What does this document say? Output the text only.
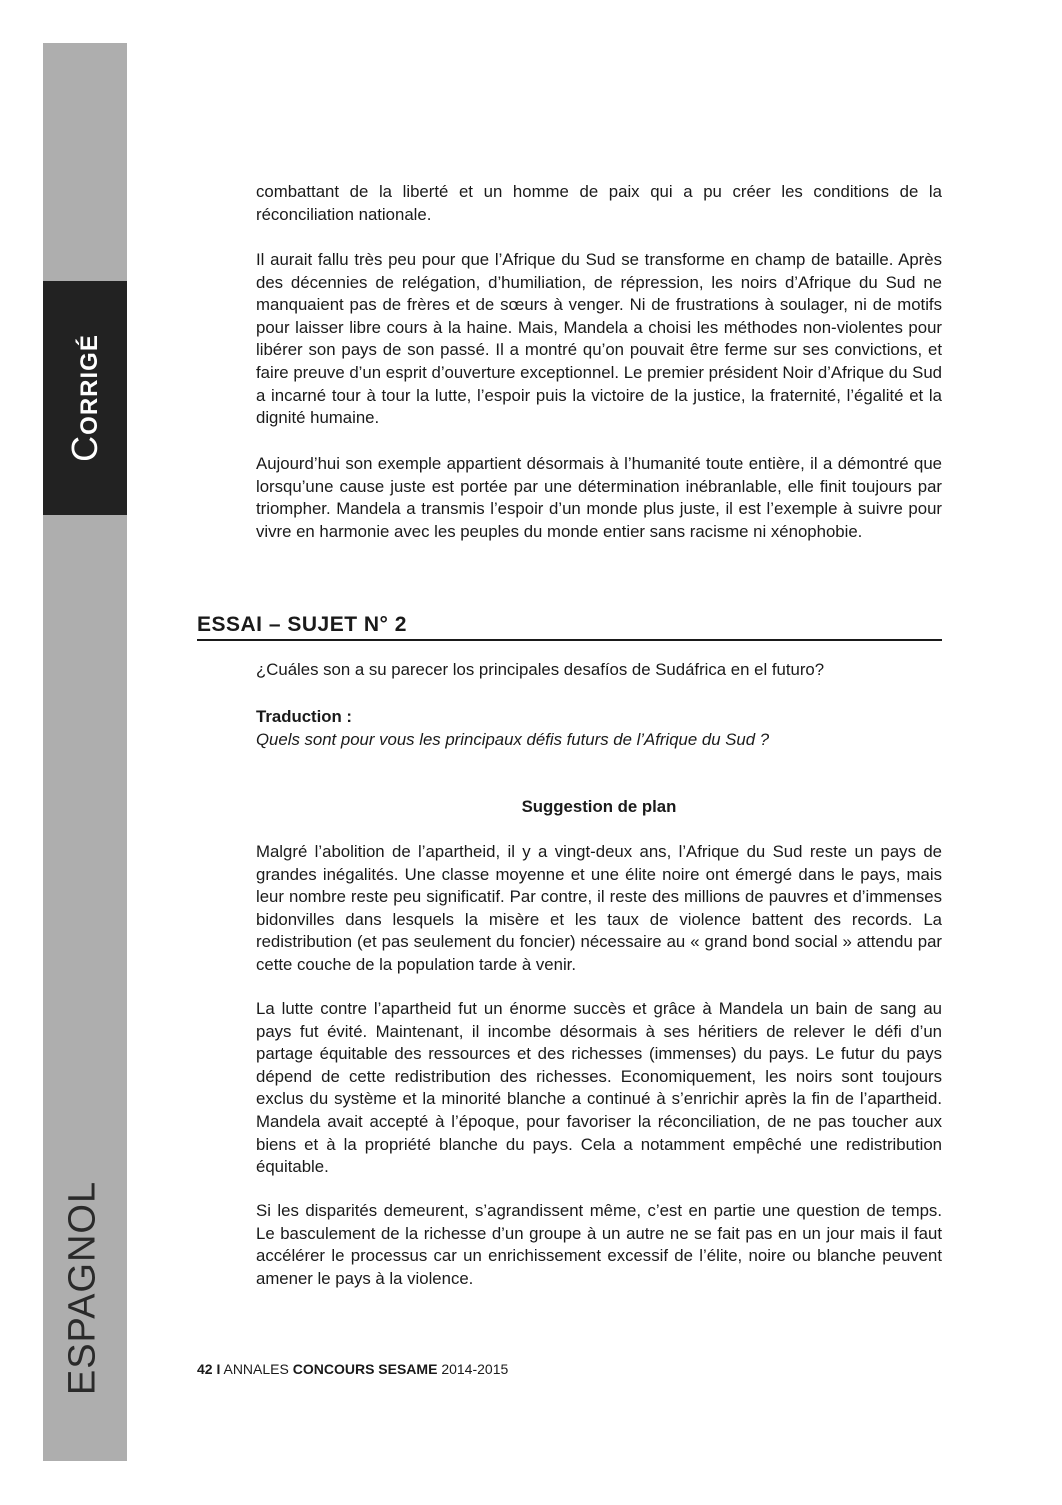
CORRIGÉ
ESPAGNOL

combattant de la liberté et un homme de paix qui a pu créer les conditions de la réconciliation nationale.

Il aurait fallu très peu pour que l’Afrique du Sud se transforme en champ de bataille. Après des décennies de relégation, d’humiliation, de répression, les noirs d’Afrique du Sud ne manquaient pas de frères et de sœurs à venger. Ni de frustrations à soulager, ni de motifs pour laisser libre cours à la haine. Mais, Mandela a choisi les méthodes non-violentes pour libérer son pays de son passé. Il a montré qu’on pouvait être ferme sur ses convictions, et faire preuve d’un esprit d’ouverture exceptionnel. Le premier président Noir d’Afrique du Sud a incarné tour à tour la lutte, l’espoir puis la victoire de la justice, la fraternité, l’égalité et la dignité humaine.

Aujourd’hui son exemple appartient désormais à l’humanité toute entière, il a démontré que lorsqu’une cause juste est portée par une détermination inébranlable, elle finit toujours par triompher. Mandela a transmis l’espoir d’un monde plus juste, il est l’exemple à suivre pour vivre en harmonie avec les peuples du monde entier sans racisme ni xénophobie.

ESSAI – SUJET N° 2

¿Cuáles son a su parecer los principales desafíos de Sudáfrica en el futuro?

Traduction :

Quels sont pour vous les principaux défis futurs de l’Afrique du Sud ?

Suggestion de plan

Malgré l’abolition de l’apartheid, il y a vingt-deux ans, l’Afrique du Sud reste un pays de grandes inégalités. Une classe moyenne et une élite noire ont émergé dans le pays, mais leur nombre reste peu significatif. Par contre, il reste des millions de pauvres et d’immenses bidonvilles dans lesquels la misère et les taux de violence battent des records. La redistribution (et pas seulement du foncier) nécessaire au « grand bond social » attendu par cette couche de la population tarde à venir.

La lutte contre l’apartheid fut un énorme succès et grâce à Mandela un bain de sang au pays fut évité. Maintenant, il incombe désormais à ses héritiers de relever le défi d’un partage équitable des ressources et des richesses (immenses) du pays. Le futur du pays dépend de cette redistribution des richesses. Economiquement, les noirs sont toujours exclus du système et la minorité blanche a continué à s’enrichir après la fin de l’apartheid. Mandela avait accepté à l’époque, pour favoriser la réconciliation, de ne pas toucher aux biens et à la propriété blanche du pays. Cela a notamment empêché une redistribution équitable.

Si les disparités demeurent, s’agrandissent même, c’est en partie une question de temps. Le basculement de la richesse d’un groupe à un autre ne se fait pas en un jour mais il faut accélérer le processus car un enrichissement excessif de l’élite, noire ou blanche peuvent amener le pays à la violence.

42 I ANNALES CONCOURS SESAME 2014-2015
